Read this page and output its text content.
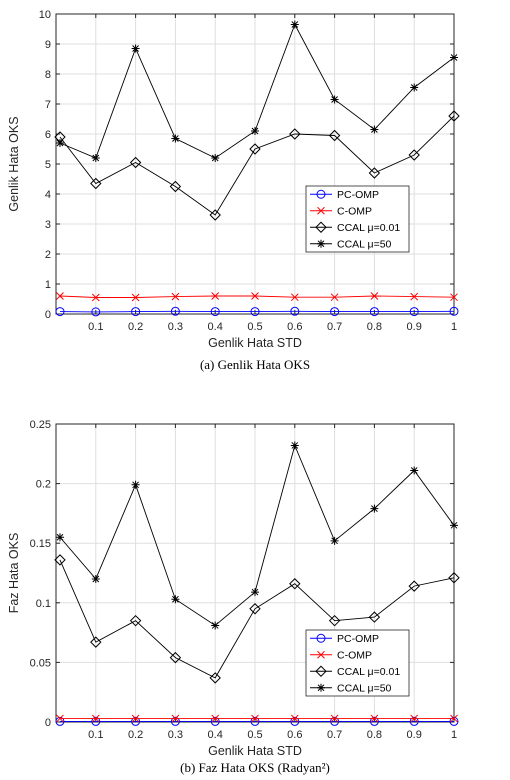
0.1 0.2 0.3 0.4 0.5 0.6 0.7 0.8 0.9	1
0
1
2
3
4
5
6
7
8
9
10
Genlik Hata STD
Genlik Hata OKS	PC-OMP
C-OMP
CCAL μ=0.01
CCAL μ=50
(a) Genlik Hata OKS
0.1 0.2 0.3 0.4 0.5 0.6 0.7 0.8 0.9	1
0
0.05
0.1
0.15
0.2
0.25
Genlik Hata STD
Faz Hata OKS
PC-OMP
C-OMP
CCAL μ=0.01
CCAL μ=50
(b) Faz Hata OKS (Radyan²)
